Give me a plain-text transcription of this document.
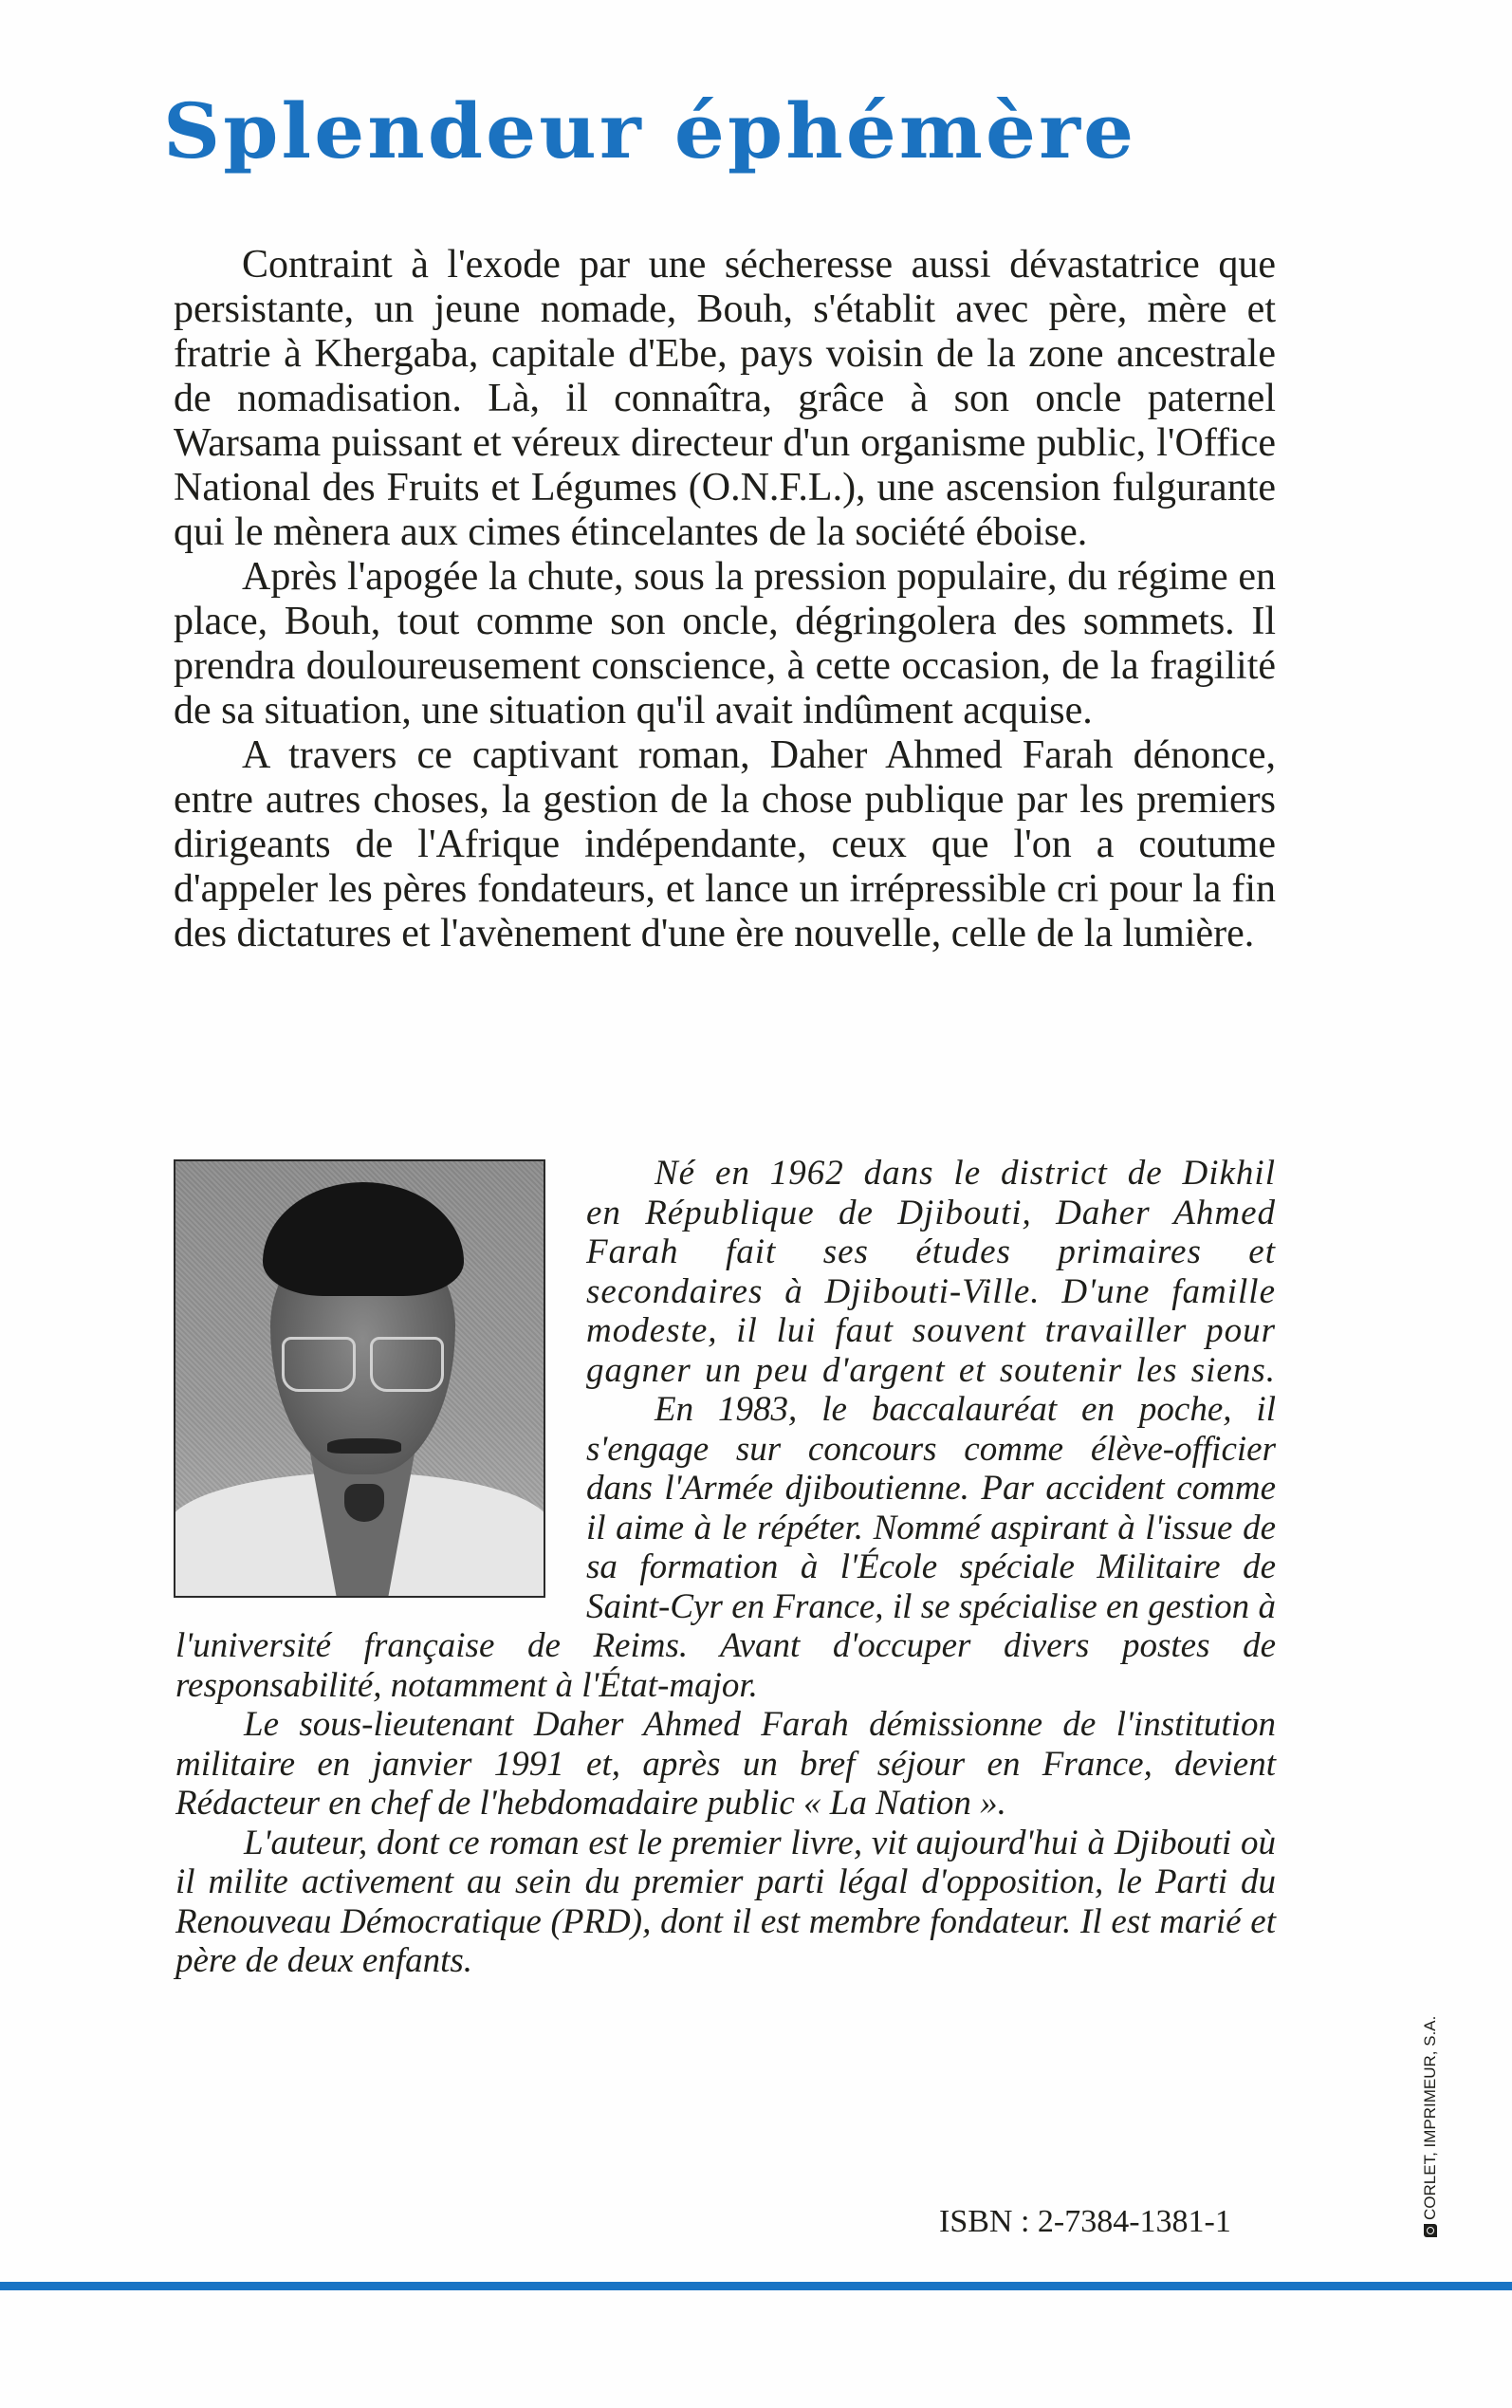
Splendeur éphémère

Contraint à l'exode par une sécheresse aussi dévastatrice que persistante, un jeune nomade, Bouh, s'établit avec père, mère et fratrie à Khergaba, capitale d'Ebe, pays voisin de la zone ancestrale de nomadisation. Là, il connaîtra, grâce à son oncle paternel Warsama puissant et véreux directeur d'un organisme public, l'Office National des Fruits et Légumes (O.N.F.L.), une ascension fulgurante qui le mènera aux cimes étincelantes de la société éboise.

Après l'apogée la chute, sous la pression populaire, du régime en place, Bouh, tout comme son oncle, dégringolera des sommets. Il prendra douloureusement conscience, à cette occasion, de la fragilité de sa situation, une situation qu'il avait indûment acquise.

A travers ce captivant roman, Daher Ahmed Farah dénonce, entre autres choses, la gestion de la chose publique par les premiers dirigeants de l'Afrique indépendante, ceux que l'on a coutume d'appeler les pères fondateurs, et lance un irrépressible cri pour la fin des dictatures et l'avènement d'une ère nouvelle, celle de la lumière.

Né en 1962 dans le district de Dikhil en République de Djibouti, Daher Ahmed Farah fait ses études primaires et secondaires à Djibouti-Ville. D'une famille modeste, il lui faut souvent travailler pour gagner un peu d'argent et soutenir les siens.

En 1983, le baccalauréat en poche, il s'engage sur concours comme élève-officier dans l'Armée djiboutienne. Par accident comme il aime à le répéter. Nommé aspirant à l'issue de sa formation à l'École spéciale Militaire de Saint-Cyr en France, il se spécialise en gestion à l'université française de Reims. Avant d'occuper divers postes de responsabilité, notamment à l'État-major.

Le sous-lieutenant Daher Ahmed Farah démissionne de l'institution militaire en janvier 1991 et, après un bref séjour en France, devient Rédacteur en chef de l'hebdomadaire public « La Nation ».

L'auteur, dont ce roman est le premier livre, vit aujourd'hui à Djibouti où il milite activement au sein du premier parti légal d'opposition, le Parti du Renouveau Démocratique (PRD), dont il est membre fondateur. Il est marié et père de deux enfants.

ISBN : 2-7384-1381-1
CORLET, IMPRIMEUR, S.A.
